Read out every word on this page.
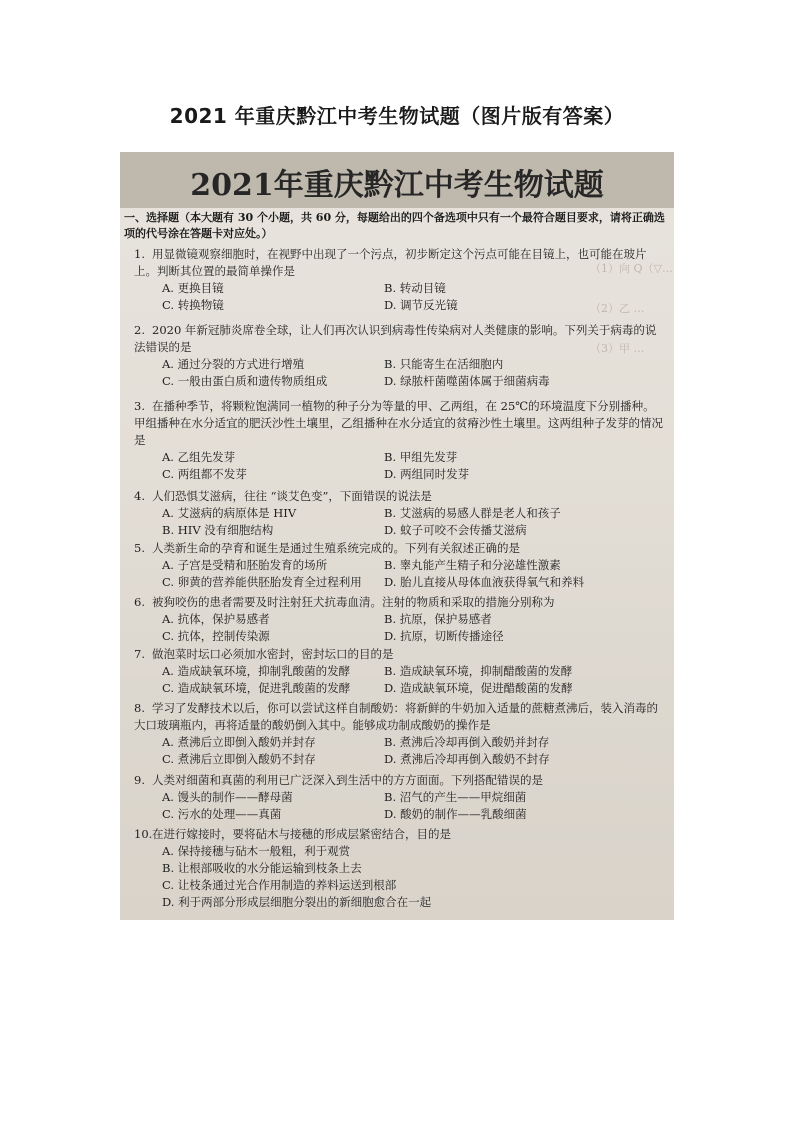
2021 年重庆黔江中考生物试题（图片版有答案）
2021年重庆黔江中考生物试题
（1）向 Q（▽…
（2）乙 …
（3）甲 …
一、选择题（本大题有 30 个小题，共 60 分，每题给出的四个备选项中只有一个最符合题目要求，请将正确选项的代号涂在答题卡对应处。）
1. 用显微镜观察细胞时，在视野中出现了一个污点，初步断定这个污点可能在目镜上，也可能在玻片上。判断其位置的最简单操作是
A. 更换目镜	B. 转动目镜
C. 转换物镜	D. 调节反光镜
2. 2020 年新冠肺炎席卷全球，让人们再次认识到病毒性传染病对人类健康的影响。下列关于病毒的说法错误的是
A. 通过分裂的方式进行增殖	B. 只能寄生在活细胞内
C. 一般由蛋白质和遗传物质组成	D. 绿脓杆菌噬菌体属于细菌病毒
3. 在播种季节，将颗粒饱满同一植物的种子分为等量的甲、乙两组，在 25℃的环境温度下分别播种。甲组播种在水分适宜的肥沃沙性土壤里，乙组播种在水分适宜的贫瘠沙性土壤里。这两组种子发芽的情况是
A. 乙组先发芽	B. 甲组先发芽
C. 两组都不发芽	D. 两组同时发芽
4. 人们恐惧艾滋病，往往 “谈艾色变”，下面错误的说法是
A. 艾滋病的病原体是 HIV	B. 艾滋病的易感人群是老人和孩子
B. HIV 没有细胞结构	D. 蚊子可咬不会传播艾滋病
5. 人类新生命的孕育和诞生是通过生殖系统完成的。下列有关叙述正确的是
A. 子宫是受精和胚胎发育的场所	B. 睾丸能产生精子和分泌雄性激素
C. 卵黄的营养能供胚胎发育全过程利用 D. 胎儿直接从母体血液获得氧气和养料
6. 被狗咬伤的患者需要及时注射狂犬抗毒血清。注射的物质和采取的措施分别称为
A. 抗体，保护易感者	B. 抗原，保护易感者
C. 抗体，控制传染源	D. 抗原，切断传播途径
7. 做泡菜时坛口必须加水密封，密封坛口的目的是
A. 造成缺氧环境，抑制乳酸菌的发酵	B. 造成缺氧环境，抑制醋酸菌的发酵
C. 造成缺氧环境，促进乳酸菌的发酵	D. 造成缺氧环境，促进醋酸菌的发酵
8. 学习了发酵技术以后，你可以尝试这样自制酸奶：将新鲜的牛奶加入适量的蔗糖煮沸后，装入消毒的大口玻璃瓶内，再将适量的酸奶倒入其中。能够成功制成酸奶的操作是
A. 煮沸后立即倒入酸奶并封存	B. 煮沸后冷却再倒入酸奶并封存
C. 煮沸后立即倒入酸奶不封存	D. 煮沸后冷却再倒入酸奶不封存
9. 人类对细菌和真菌的利用已广泛深入到生活中的方方面面。下列搭配错误的是
A. 馒头的制作——酵母菌	B. 沼气的产生——甲烷细菌
C. 污水的处理——真菌	D. 酸奶的制作——乳酸细菌
10.在进行嫁接时，要将砧木与接穗的形成层紧密结合，目的是
A. 保持接穗与砧木一般粗，利于观赏
B. 让根部吸收的水分能运输到枝条上去
C. 让枝条通过光合作用制造的养料运送到根部
D. 利于两部分形成层细胞分裂出的新细胞愈合在一起
